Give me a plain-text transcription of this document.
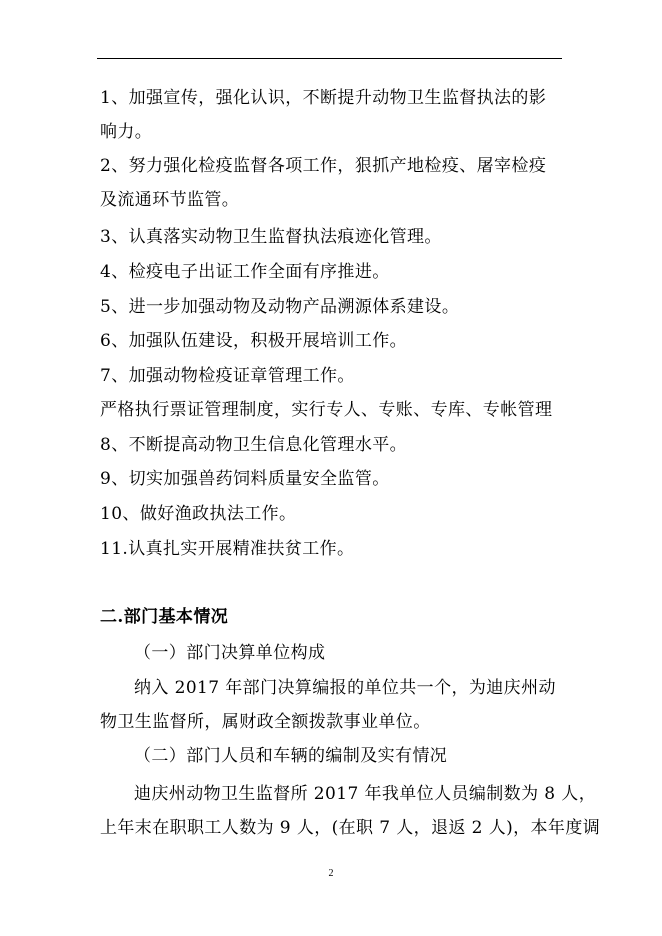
1、加强宣传，强化认识，不断提升动物卫生监督执法的影
响力。
2、努力强化检疫监督各项工作，狠抓产地检疫、屠宰检疫
及流通环节监管。
3、认真落实动物卫生监督执法痕迹化管理。
4、检疫电子出证工作全面有序推进。
5、进一步加强动物及动物产品溯源体系建设。
6、加强队伍建设，积极开展培训工作。
7、加强动物检疫证章管理工作。
严格执行票证管理制度，实行专人、专账、专库、专帐管理
8、不断提高动物卫生信息化管理水平。
9、切实加强兽药饲料质量安全监管。
10、做好渔政执法工作。
11.认真扎实开展精准扶贫工作。
二.部门基本情况
（一）部门决算单位构成
纳入 2017 年部门决算编报的单位共一个，为迪庆州动
物卫生监督所，属财政全额拨款事业单位。
（二）部门人员和车辆的编制及实有情况
迪庆州动物卫生监督所 2017 年我单位人员编制数为 8 人，
上年末在职职工人数为 9 人，(在职 7 人，退返 2 人)，本年度调
2
